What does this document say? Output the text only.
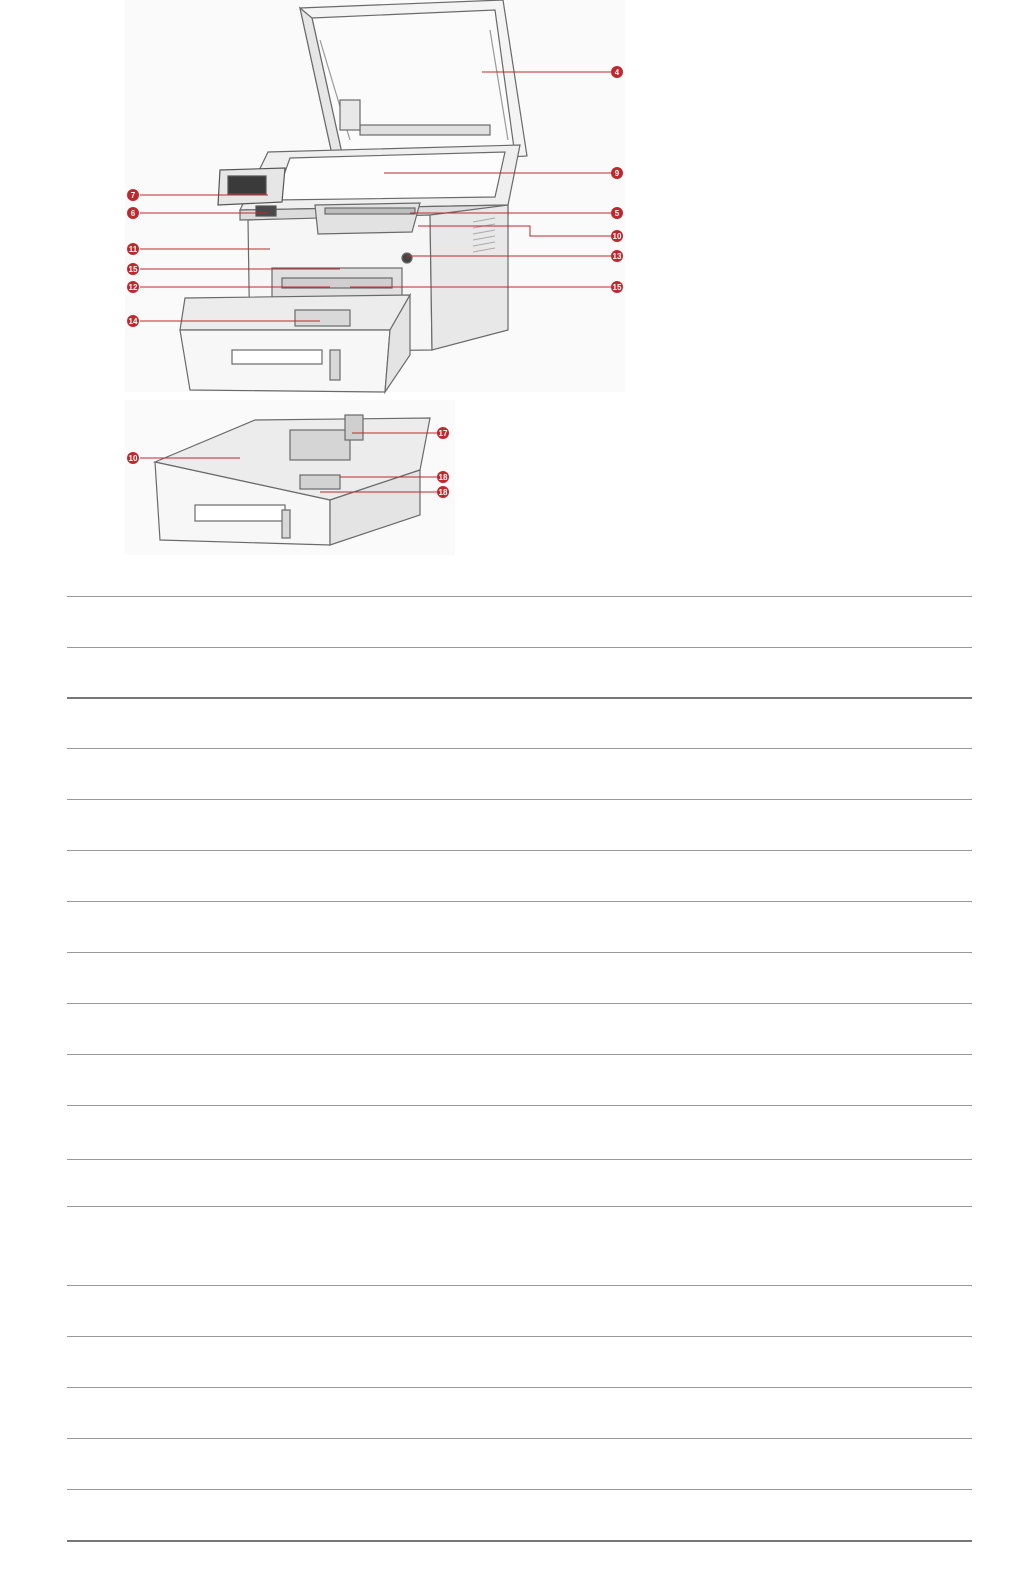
4
9
7
6	5
10
11
13
15
12	15
14
17
10
18
18
